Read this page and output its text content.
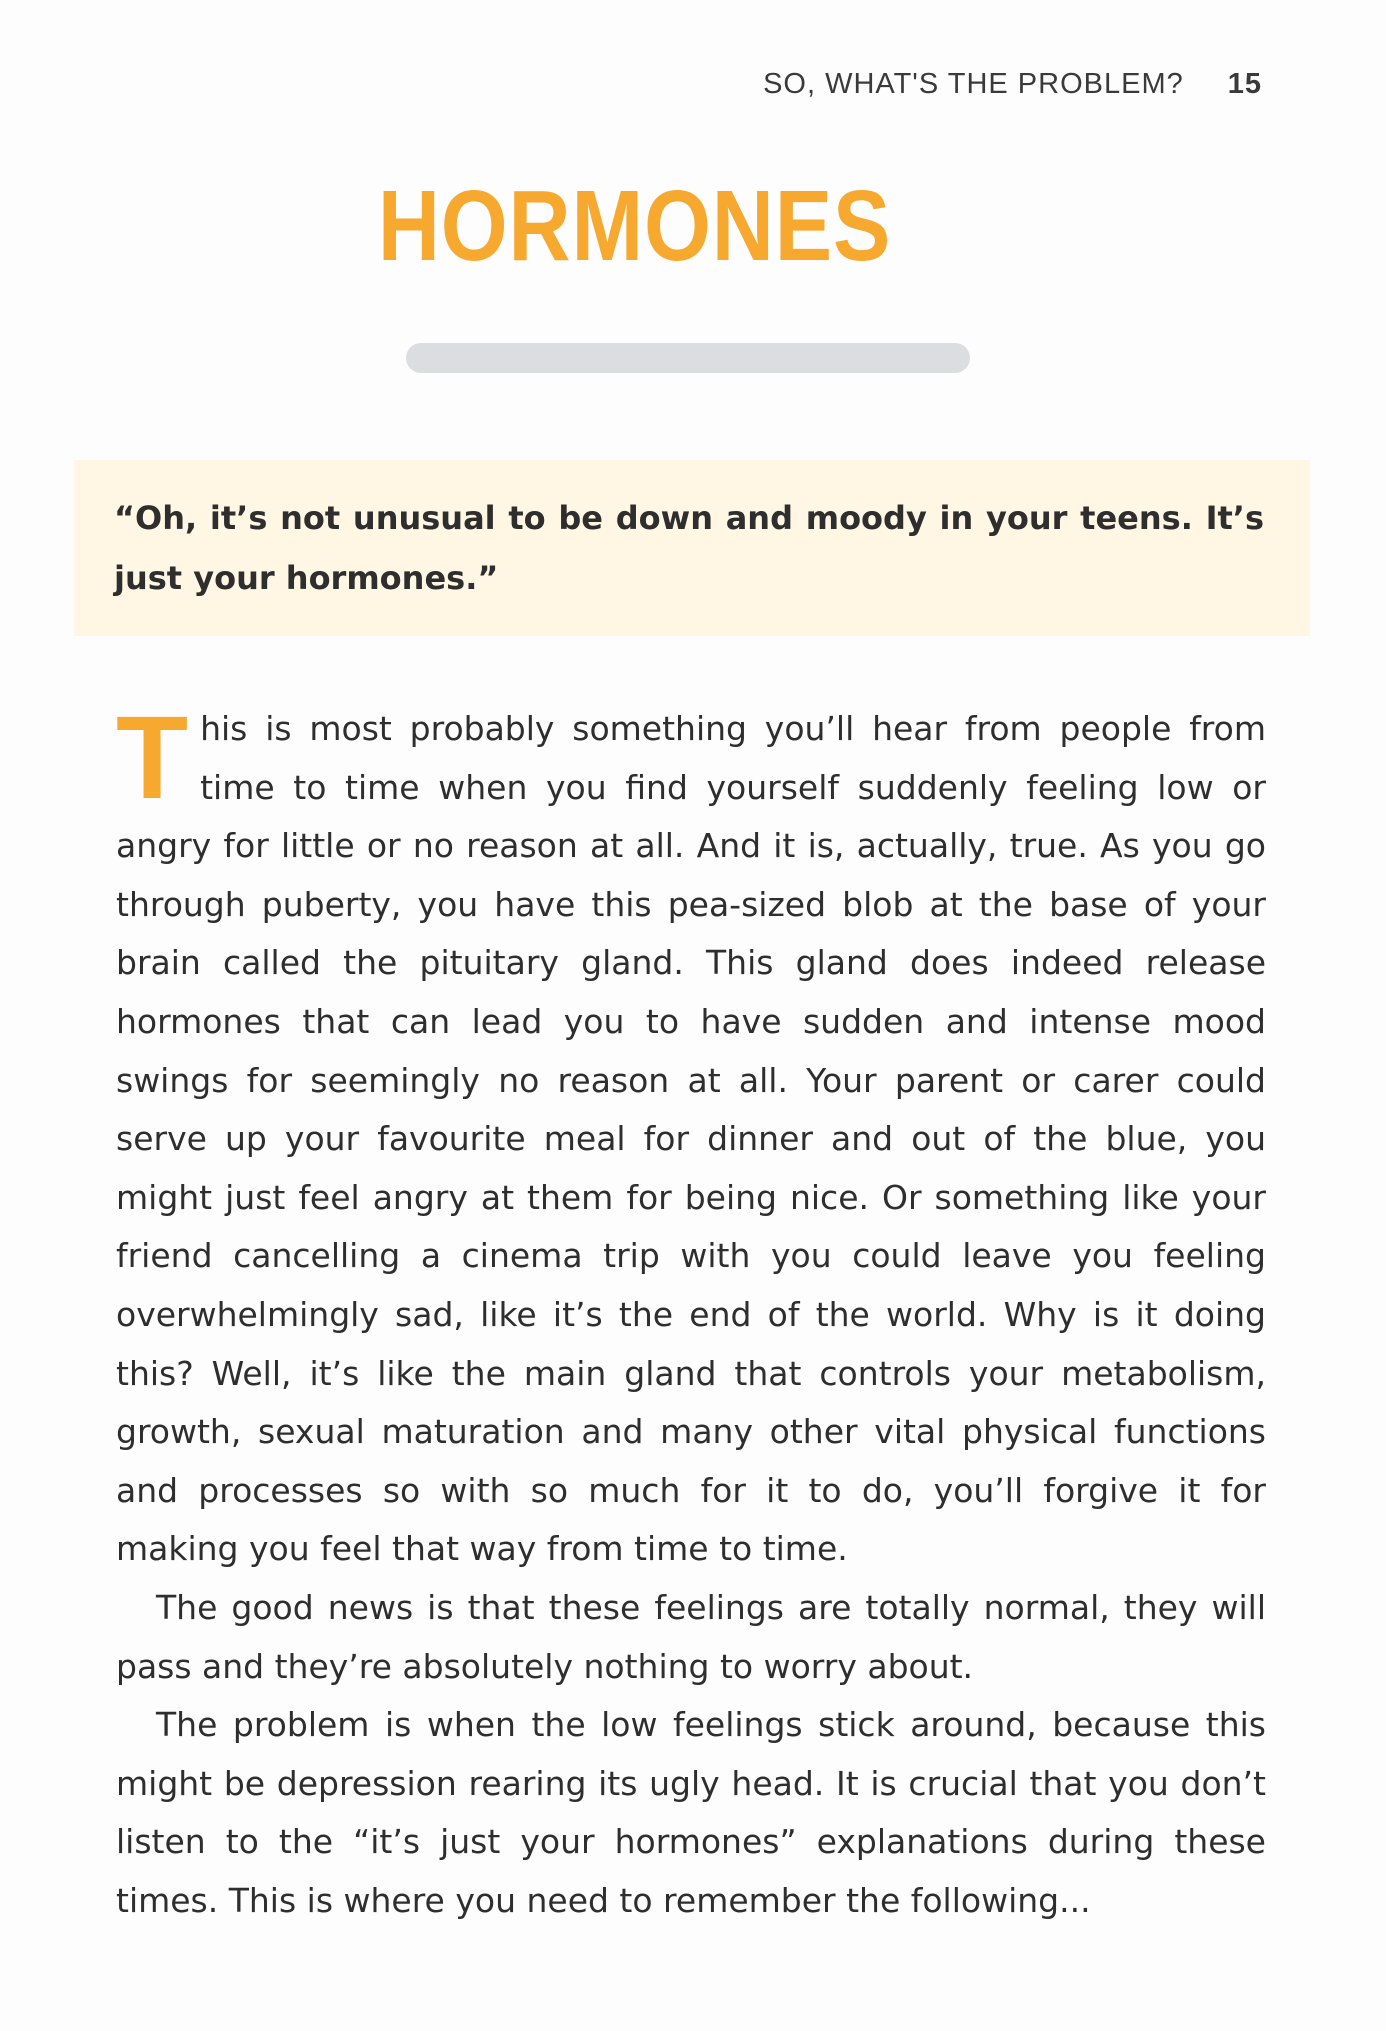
SO, WHAT'S THE PROBLEM? 15
HORMONES
“Oh, it’s not unusual to be down and moody in your teens. It’s just your hormones.”

This is most probably something you’ll hear from people from time to time when you find yourself suddenly feeling low or angry for little or no reason at all. And it is, actually, true. As you go through puberty, you have this pea-sized blob at the base of your brain called the pituitary gland. This gland does indeed release hormones that can lead you to have sudden and intense mood swings for seemingly no reason at all. Your parent or carer could serve up your favourite meal for dinner and out of the blue, you might just feel angry at them for being nice. Or something like your friend cancelling a cinema trip with you could leave you feeling overwhelmingly sad, like it’s the end of the world. Why is it doing this? Well, it’s like the main gland that controls your metabolism, growth, sexual maturation and many other vital physical functions and processes so with so much for it to do, you’ll forgive it for making you feel that way from time to time.

The good news is that these feelings are totally normal, they will pass and they’re absolutely nothing to worry about.

The problem is when the low feelings stick around, because this might be depression rearing its ugly head. It is crucial that you don’t listen to the “it’s just your hormones” explanations during these times. This is where you need to remember the following...
